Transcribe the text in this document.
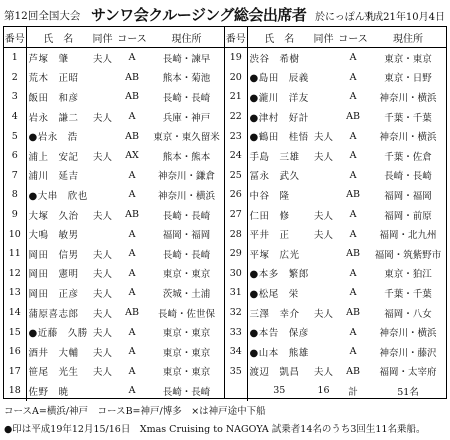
第12回全国大会 サンワ会クルージング総会出席者 於にっぽん丸
平成21年10月4日
番号	氏　名	同伴	コース	現住所
1	芦塚　肇	夫人	A	長崎・諫早
2	荒木　正昭		AB	熊本・菊池
3	飯田　和彦		AB	長崎・長崎
4	岩永　謙二	夫人	A	兵庫・神戸
5	●岩永　浩		AB	東京・東久留米
6	浦上　安記	夫人	AX	熊本・熊本
7	浦川　延吉		A	神奈川・鎌倉
8	●大串　欣也		A	神奈川・横浜
9	大塚　久治	夫人	AB	長崎・長崎
10	大鳴　敏男		A	福岡・福岡
11	岡田　信男	夫人	A	長崎・長崎
12	岡田　憲明	夫人	A	東京・東京
13	岡田　正彦	夫人	A	茨城・土浦
14	蒲原喜志郎	夫人	AB	長崎・佐世保
15	●近藤　久勝	夫人	A	東京・東京
16	酒井　大輔	夫人	A	東京・東京
17	笹尾　光生	夫人	A	東京・東京
18	佐野　暁		A	長崎・長崎
番号	氏　名	同伴	コース	現住所
19	渋谷　希樹		A	東京・東京
20	●島田　辰義		A	東京・日野
21	●瀧川　洋友		A	神奈川・横浜
22	●津村　好計		AB	千葉・千葉
23	●鶴田　桂悟	夫人	A	神奈川・横浜
24	手島　三雄	夫人	A	千葉・佐倉
25	冨永　武久		A	長崎・長崎
26	中谷　隆		AB	福岡・福岡
27	仁田　修	夫人	A	福岡・前原
28	平井　正	夫人	A	福岡・北九州
29	平塚　広光		AB	福岡・筑紫野市
30	●本多　繁郎		A	東京・狛江
31	●松尾　栄		A	千葉・千葉
32	三澤　幸介	夫人	AB	福岡・八女
33	●本告　保彦		A	神奈川・横浜
34	●山本　熊雄		A	神奈川・藤沢
35	渡辺　凱昌	夫人	AB	福岡・太宰府
	35	16	計	51名
コースA=横浜/神戸　コースB=神戸/博多　×は神戸途中下船
●印は平成19年12月15/16日　Xmas Cruising to NAGOYA 試乗者14名のうち3回生11名乗船。
